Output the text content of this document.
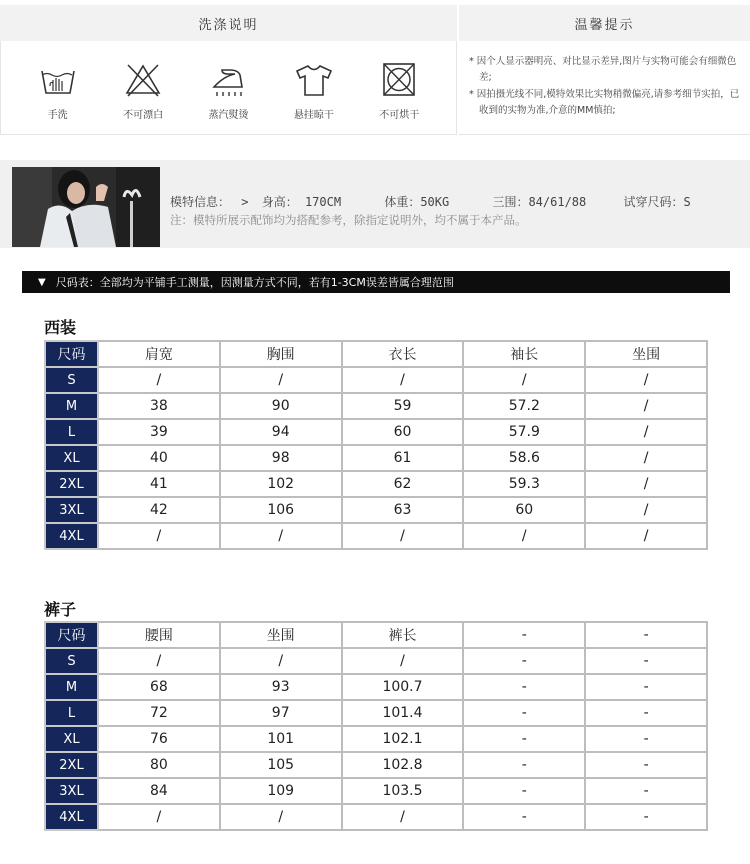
洗涤说明	温馨提示
手洗	不可漂白	蒸汽熨烫	悬挂晾干	不可烘干

* 因个人显示器明亮、对比显示差异,图片与实物可能会有细微色差;

* 因拍摄光线不同,模特效果比实物稍微偏亮,请参考细节实拍，已收到的实物为准,介意的MM慎拍;

模特信息： > 身高： 170CM	体重：50KG	三围：84/61/88	试穿尺码：S
注：模特所展示配饰均为搭配参考，除指定说明外，均不属于本产品。
▼ 尺码表：全部均为平铺手工测量，因测量方式不同，若有1-3CM误差皆属合理范围
西装
尺码	肩宽	胸围	衣长	袖长	坐围
S	/	/	/	/	/
M	38	90	59	57.2	/
L	39	94	60	57.9	/
XL	40	98	61	58.6	/
2XL	41	102	62	59.3	/
3XL	42	106	63	60	/
4XL	/	/	/	/	/
裤子
尺码	腰围	坐围	裤长	-	-
S	/	/	/	-	-
M	68	93	100.7	-	-
L	72	97	101.4	-	-
XL	76	101	102.1	-	-
2XL	80	105	102.8	-	-
3XL	84	109	103.5	-	-
4XL	/	/	/	-	-
